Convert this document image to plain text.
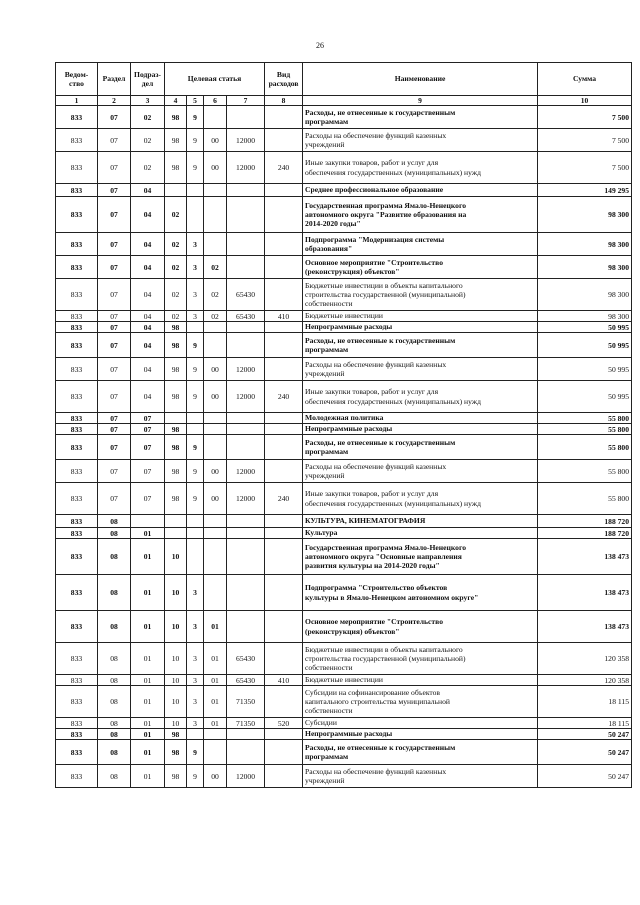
26
Ведом-ство	Раздел	Подраз-дел	Целевая статья				Вид расходов	Наименование	Сумма
1	2	3	4	5	6	7	8	9	10
833	07	02	98	9				Расходы, не отнесенные к государственным
программам	7 500
833	07	02	98	9	00	12000		Расходы на обеспечение функций казенных
учреждений	7 500
833	07	02	98	9	00	12000	240	Иные закупки товаров, работ и услуг для
обеспечения государственных (муниципальных) нужд	7 500
833	07	04						Среднее профессиональное образование	149 295
833	07	04	02					Государственная программа Ямало-Ненецкого
автономного округа "Развитие образования на
2014-2020 годы"	98 300
833	07	04	02	3				Подпрограмма "Модернизация системы
образования"	98 300
833	07	04	02	3	02			Основное мероприятие "Строительство
(реконструкция) объектов"	98 300
833	07	04	02	3	02	65430		Бюджетные инвестиции в объекты капитального
строительства государственной (муниципальной)
собственности	98 300
833	07	04	02	3	02	65430	410	Бюджетные инвестиции	98 300
833	07	04	98					Непрограммные расходы	50 995
833	07	04	98	9				Расходы, не отнесенные к государственным
программам	50 995
833	07	04	98	9	00	12000		Расходы на обеспечение функций казенных
учреждений	50 995
833	07	04	98	9	00	12000	240	Иные закупки товаров, работ и услуг для
обеспечения государственных (муниципальных) нужд	50 995
833	07	07						Молодежная политика	55 800
833	07	07	98					Непрограммные расходы	55 800
833	07	07	98	9				Расходы, не отнесенные к государственным
программам	55 800
833	07	07	98	9	00	12000		Расходы на обеспечение функций казенных
учреждений	55 800
833	07	07	98	9	00	12000	240	Иные закупки товаров, работ и услуг для
обеспечения государственных (муниципальных) нужд	55 800
833	08							КУЛЬТУРА, КИНЕМАТОГРАФИЯ	188 720
833	08	01						Культура	188 720
833	08	01	10					Государственная программа Ямало-Ненецкого
автономного округа "Основные направления
развития культуры на 2014-2020 годы"	138 473
833	08	01	10	3				Подпрограмма "Строительство объектов
культуры в Ямало-Ненецком автономном округе"	138 473
833	08	01	10	3	01			Основное мероприятие "Строительство
(реконструкция) объектов"	138 473
833	08	01	10	3	01	65430		Бюджетные инвестиции в объекты капитального
строительства государственной (муниципальной)
собственности	120 358
833	08	01	10	3	01	65430	410	Бюджетные инвестиции	120 358
833	08	01	10	3	01	71350		Субсидии на софинансирование объектов
капитального строительства муниципальной
собственности	18 115
833	08	01	10	3	01	71350	520	Субсидии	18 115
833	08	01	98					Непрограммные расходы	50 247
833	08	01	98	9				Расходы, не отнесенные к государственным
программам	50 247
833	08	01	98	9	00	12000		Расходы на обеспечение функций казенных
учреждений	50 247
